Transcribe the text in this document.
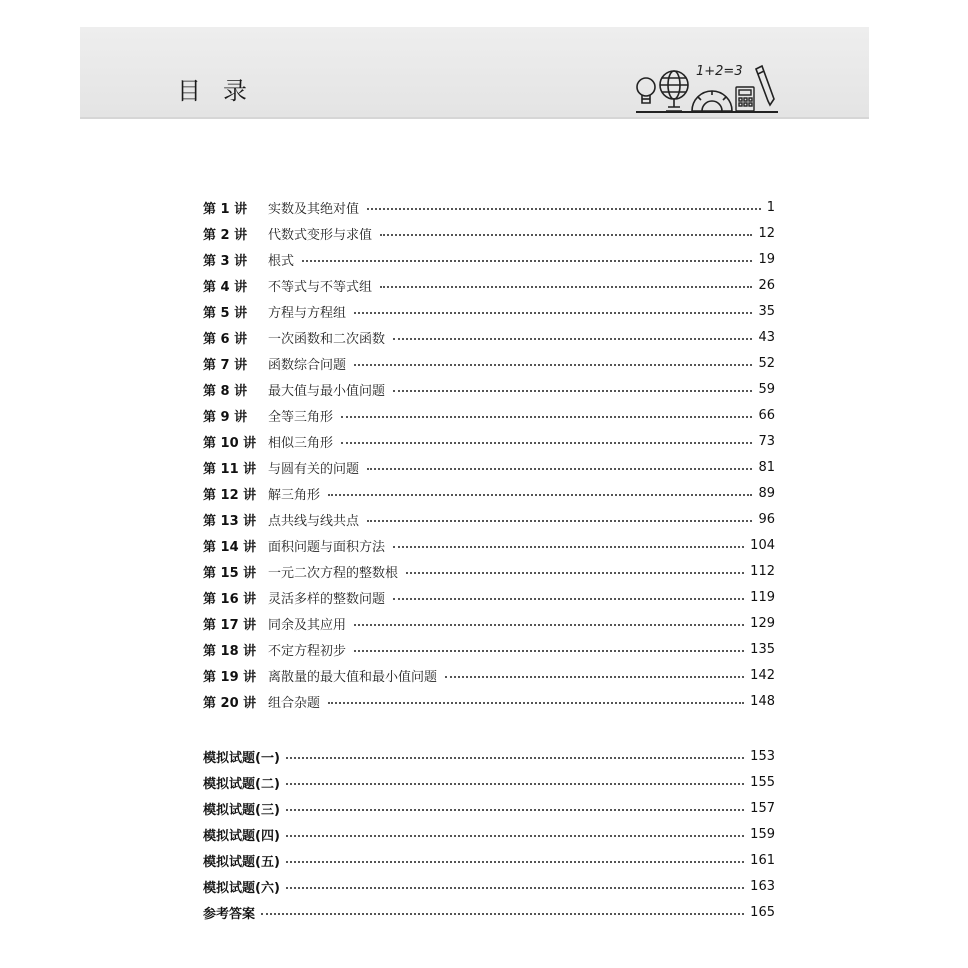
目录
1+2=3
第 1 讲	实数及其绝对值	1
第 2 讲	代数式变形与求值	12
第 3 讲	根式	19
第 4 讲	不等式与不等式组	26
第 5 讲	方程与方程组	35
第 6 讲	一次函数和二次函数	43
第 7 讲	函数综合问题	52
第 8 讲	最大值与最小值问题	59
第 9 讲	全等三角形	66
第 10 讲 相似三角形	73
第 11 讲 与圆有关的问题	81
第 12 讲 解三角形	89
第 13 讲 点共线与线共点	96
第 14 讲 面积问题与面积方法	104
第 15 讲 一元二次方程的整数根	112
第 16 讲 灵活多样的整数问题	119
第 17 讲 同余及其应用	129
第 18 讲 不定方程初步	135
第 19 讲 离散量的最大值和最小值问题	142
第 20 讲 组合杂题	148
模拟试题(一)	153
模拟试题(二)	155
模拟试题(三)	157
模拟试题(四)	159
模拟试题(五)	161
模拟试题(六)	163
参考答案	165
